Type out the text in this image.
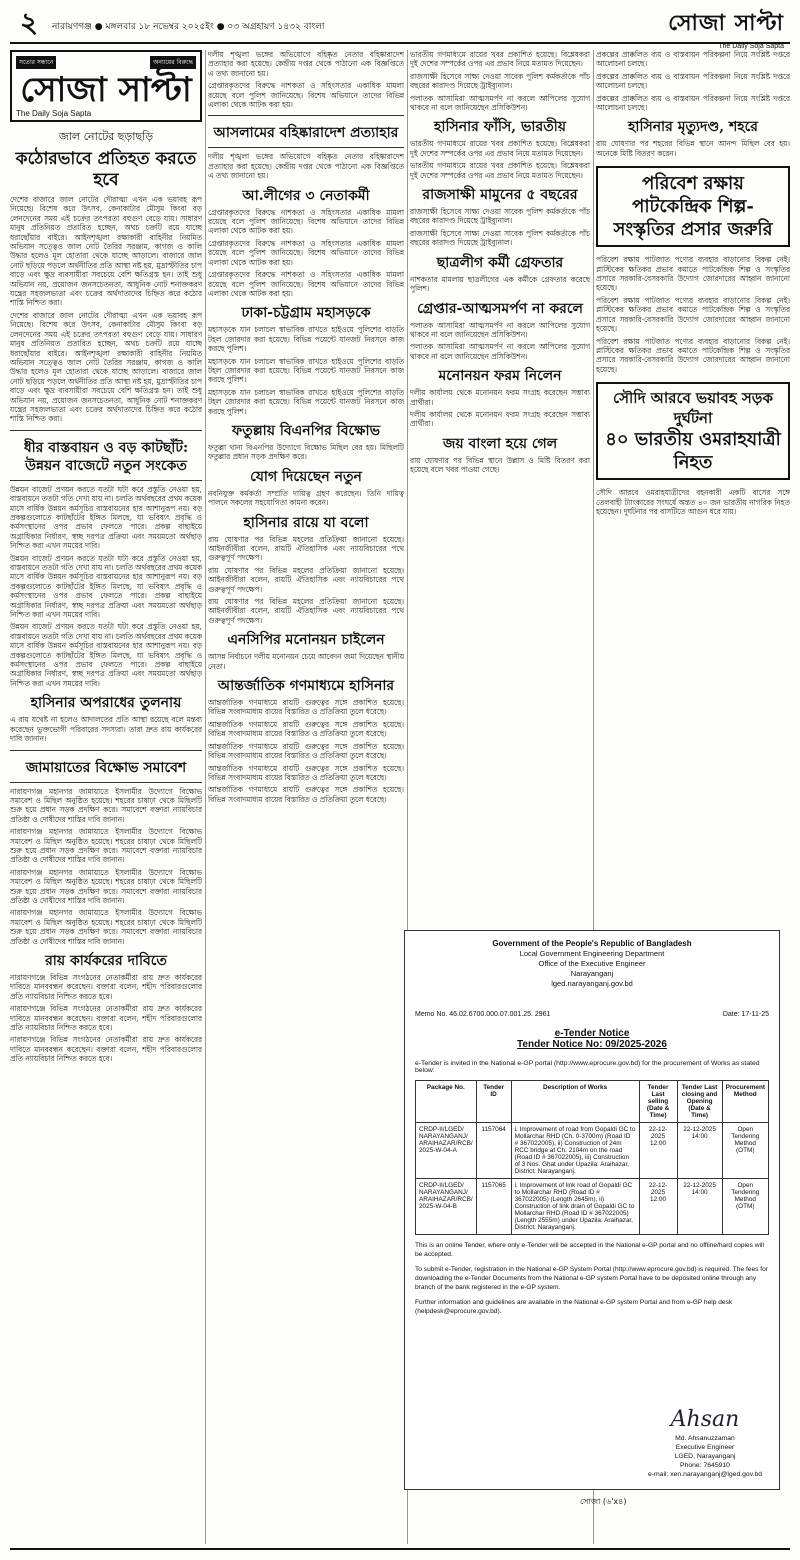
২	নারায়ণগঞ্জ ● মঙ্গলবার ১৮ নভেম্বর ২০২৫ইং ● ০৩ অগ্রহায়ণ ১৪৩২ বাংলা	সোজা সাপ্টা
The Daily Soja Sapta
সত্যের সন্ধানে	অন্যায়ের বিরুদ্ধে
সোজা সাপ্টা
The Daily Soja Sapta
জাল নোটের ছড়াছড়ি
কঠোরভাবে প্রতিহত করতে হবে

দেশের বাজারে জাল নোটের দৌরাত্ম্য এখন এক ভয়াবহ রূপ নিয়েছে। বিশেষ করে উৎসব, কেনাকাটার মৌসুম কিংবা বড় লেনদেনের সময় এই চক্রের তৎপরতা বহুগুণ বেড়ে যায়। সাধারণ মানুষ প্রতিনিয়ত প্রতারিত হচ্ছেন, অথচ চক্রটি রয়ে যাচ্ছে ধরাছোঁয়ার বাইরে। আইনশৃঙ্খলা রক্ষাকারী বাহিনীর নিয়মিত অভিযান সত্ত্বেও জাল নোট তৈরির সরঞ্জাম, কাগজ ও কালি উদ্ধার হলেও মূল হোতারা থেকে যাচ্ছে আড়ালে। বাজারে জাল নোট ছড়িয়ে পড়লে অর্থনীতির প্রতি আস্থা নষ্ট হয়, মুদ্রাস্ফীতির চাপ বাড়ে এবং ক্ষুদ্র ব্যবসায়ীরা সবচেয়ে বেশি ক্ষতিগ্রস্ত হন। তাই শুধু অভিযান নয়, প্রয়োজন জনসচেতনতা, আধুনিক নোট শনাক্তকরণ যন্ত্রের সহজলভ্যতা এবং চক্রের অর্থদাতাদের চিহ্নিত করে কঠোর শাস্তি নিশ্চিত করা।

দেশের বাজারে জাল নোটের দৌরাত্ম্য এখন এক ভয়াবহ রূপ নিয়েছে। বিশেষ করে উৎসব, কেনাকাটার মৌসুম কিংবা বড় লেনদেনের সময় এই চক্রের তৎপরতা বহুগুণ বেড়ে যায়। সাধারণ মানুষ প্রতিনিয়ত প্রতারিত হচ্ছেন, অথচ চক্রটি রয়ে যাচ্ছে ধরাছোঁয়ার বাইরে। আইনশৃঙ্খলা রক্ষাকারী বাহিনীর নিয়মিত অভিযান সত্ত্বেও জাল নোট তৈরির সরঞ্জাম, কাগজ ও কালি উদ্ধার হলেও মূল হোতারা থেকে যাচ্ছে আড়ালে। বাজারে জাল নোট ছড়িয়ে পড়লে অর্থনীতির প্রতি আস্থা নষ্ট হয়, মুদ্রাস্ফীতির চাপ বাড়ে এবং ক্ষুদ্র ব্যবসায়ীরা সবচেয়ে বেশি ক্ষতিগ্রস্ত হন। তাই শুধু অভিযান নয়, প্রয়োজন জনসচেতনতা, আধুনিক নোট শনাক্তকরণ যন্ত্রের সহজলভ্যতা এবং চক্রের অর্থদাতাদের চিহ্নিত করে কঠোর শাস্তি নিশ্চিত করা।

ধীর বাস্তবায়ন ও বড় কাটছাঁট: উন্নয়ন বাজেটে নতুন সংকেত

উন্নয়ন বাজেট প্রণয়ন করতে যতটা ঘটা করে প্রস্তুতি নেওয়া হয়, বাস্তবায়নে ততটা গতি দেখা যায় না। চলতি অর্থবছরের প্রথম কয়েক মাসে বার্ষিক উন্নয়ন কর্মসূচির বাস্তবায়নের হার আশানুরূপ নয়। বড় প্রকল্পগুলোতে কাটছাঁটের ইঙ্গিত মিলছে, যা ভবিষ্যৎ প্রবৃদ্ধি ও কর্মসংস্থানের ওপর প্রভাব ফেলতে পারে। প্রকল্প বাছাইয়ে অগ্রাধিকার নির্ধারণ, স্বচ্ছ দরপত্র প্রক্রিয়া এবং সময়মতো অর্থছাড় নিশ্চিত করা এখন সময়ের দাবি।

উন্নয়ন বাজেট প্রণয়ন করতে যতটা ঘটা করে প্রস্তুতি নেওয়া হয়, বাস্তবায়নে ততটা গতি দেখা যায় না। চলতি অর্থবছরের প্রথম কয়েক মাসে বার্ষিক উন্নয়ন কর্মসূচির বাস্তবায়নের হার আশানুরূপ নয়। বড় প্রকল্পগুলোতে কাটছাঁটের ইঙ্গিত মিলছে, যা ভবিষ্যৎ প্রবৃদ্ধি ও কর্মসংস্থানের ওপর প্রভাব ফেলতে পারে। প্রকল্প বাছাইয়ে অগ্রাধিকার নির্ধারণ, স্বচ্ছ দরপত্র প্রক্রিয়া এবং সময়মতো অর্থছাড় নিশ্চিত করা এখন সময়ের দাবি।

উন্নয়ন বাজেট প্রণয়ন করতে যতটা ঘটা করে প্রস্তুতি নেওয়া হয়, বাস্তবায়নে ততটা গতি দেখা যায় না। চলতি অর্থবছরের প্রথম কয়েক মাসে বার্ষিক উন্নয়ন কর্মসূচির বাস্তবায়নের হার আশানুরূপ নয়। বড় প্রকল্পগুলোতে কাটছাঁটের ইঙ্গিত মিলছে, যা ভবিষ্যৎ প্রবৃদ্ধি ও কর্মসংস্থানের ওপর প্রভাব ফেলতে পারে। প্রকল্প বাছাইয়ে অগ্রাধিকার নির্ধারণ, স্বচ্ছ দরপত্র প্রক্রিয়া এবং সময়মতো অর্থছাড় নিশ্চিত করা এখন সময়ের দাবি।

হাসিনার অপরাধের তুলনায়

এ রায় যথেষ্ট না হলেও আদালতের প্রতি আস্থা রয়েছে বলে মন্তব্য করেছেন ভুক্তভোগী পরিবারের সদস্যরা। তারা দ্রুত রায় কার্যকরের দাবি জানান।

জামায়াতের বিক্ষোভ সমাবেশ

নারায়ণগঞ্জ মহানগর জামায়াতে ইসলামীর উদ্যোগে বিক্ষোভ সমাবেশ ও মিছিল অনুষ্ঠিত হয়েছে। শহরের চাষাঢ়া থেকে মিছিলটি শুরু হয়ে প্রধান সড়ক প্রদক্ষিণ করে। সমাবেশে বক্তারা ন্যায়বিচার প্রতিষ্ঠা ও দোষীদের শাস্তির দাবি জানান।

নারায়ণগঞ্জ মহানগর জামায়াতে ইসলামীর উদ্যোগে বিক্ষোভ সমাবেশ ও মিছিল অনুষ্ঠিত হয়েছে। শহরের চাষাঢ়া থেকে মিছিলটি শুরু হয়ে প্রধান সড়ক প্রদক্ষিণ করে। সমাবেশে বক্তারা ন্যায়বিচার প্রতিষ্ঠা ও দোষীদের শাস্তির দাবি জানান।

নারায়ণগঞ্জ মহানগর জামায়াতে ইসলামীর উদ্যোগে বিক্ষোভ সমাবেশ ও মিছিল অনুষ্ঠিত হয়েছে। শহরের চাষাঢ়া থেকে মিছিলটি শুরু হয়ে প্রধান সড়ক প্রদক্ষিণ করে। সমাবেশে বক্তারা ন্যায়বিচার প্রতিষ্ঠা ও দোষীদের শাস্তির দাবি জানান।

নারায়ণগঞ্জ মহানগর জামায়াতে ইসলামীর উদ্যোগে বিক্ষোভ সমাবেশ ও মিছিল অনুষ্ঠিত হয়েছে। শহরের চাষাঢ়া থেকে মিছিলটি শুরু হয়ে প্রধান সড়ক প্রদক্ষিণ করে। সমাবেশে বক্তারা ন্যায়বিচার প্রতিষ্ঠা ও দোষীদের শাস্তির দাবি জানান।

রায় কার্যকরের দাবিতে

নারায়ণগঞ্জে বিভিন্ন সংগঠনের নেতাকর্মীরা রায় দ্রুত কার্যকরের দাবিতে মানববন্ধন করেছেন। বক্তারা বলেন, শহীদ পরিবারগুলোর প্রতি ন্যায়বিচার নিশ্চিত করতে হবে।

নারায়ণগঞ্জে বিভিন্ন সংগঠনের নেতাকর্মীরা রায় দ্রুত কার্যকরের দাবিতে মানববন্ধন করেছেন। বক্তারা বলেন, শহীদ পরিবারগুলোর প্রতি ন্যায়বিচার নিশ্চিত করতে হবে।

নারায়ণগঞ্জে বিভিন্ন সংগঠনের নেতাকর্মীরা রায় দ্রুত কার্যকরের দাবিতে মানববন্ধন করেছেন। বক্তারা বলেন, শহীদ পরিবারগুলোর প্রতি ন্যায়বিচার নিশ্চিত করতে হবে।

দলীয় শৃঙ্খলা ভঙ্গের অভিযোগে বহিষ্কৃত নেতার বহিষ্কারাদেশ প্রত্যাহার করা হয়েছে। কেন্দ্রীয় দপ্তর থেকে পাঠানো এক বিজ্ঞপ্তিতে এ তথ্য জানানো হয়।

গ্রেপ্তারকৃতদের বিরুদ্ধে নাশকতা ও সহিংসতার একাধিক মামলা রয়েছে বলে পুলিশ জানিয়েছে। বিশেষ অভিযানে তাদের বিভিন্ন এলাকা থেকে আটক করা হয়।

আসলামের বহিষ্কারাদেশ প্রত্যাহার

দলীয় শৃঙ্খলা ভঙ্গের অভিযোগে বহিষ্কৃত নেতার বহিষ্কারাদেশ প্রত্যাহার করা হয়েছে। কেন্দ্রীয় দপ্তর থেকে পাঠানো এক বিজ্ঞপ্তিতে এ তথ্য জানানো হয়।

আ.লীগের ৩ নেতাকর্মী

গ্রেপ্তারকৃতদের বিরুদ্ধে নাশকতা ও সহিংসতার একাধিক মামলা রয়েছে বলে পুলিশ জানিয়েছে। বিশেষ অভিযানে তাদের বিভিন্ন এলাকা থেকে আটক করা হয়।

গ্রেপ্তারকৃতদের বিরুদ্ধে নাশকতা ও সহিংসতার একাধিক মামলা রয়েছে বলে পুলিশ জানিয়েছে। বিশেষ অভিযানে তাদের বিভিন্ন এলাকা থেকে আটক করা হয়।

গ্রেপ্তারকৃতদের বিরুদ্ধে নাশকতা ও সহিংসতার একাধিক মামলা রয়েছে বলে পুলিশ জানিয়েছে। বিশেষ অভিযানে তাদের বিভিন্ন এলাকা থেকে আটক করা হয়।

ঢাকা-চট্টগ্রাম মহাসড়কে

মহাসড়কে যান চলাচল স্বাভাবিক রাখতে হাইওয়ে পুলিশের বাড়তি টহল জোরদার করা হয়েছে। বিভিন্ন পয়েন্টে যানজট নিরসনে কাজ করছে পুলিশ।

মহাসড়কে যান চলাচল স্বাভাবিক রাখতে হাইওয়ে পুলিশের বাড়তি টহল জোরদার করা হয়েছে। বিভিন্ন পয়েন্টে যানজট নিরসনে কাজ করছে পুলিশ।

মহাসড়কে যান চলাচল স্বাভাবিক রাখতে হাইওয়ে পুলিশের বাড়তি টহল জোরদার করা হয়েছে। বিভিন্ন পয়েন্টে যানজট নিরসনে কাজ করছে পুলিশ।

ফতুল্লায় বিএনপির বিক্ষোভ

ফতুল্লা থানা বিএনপির উদ্যোগে বিক্ষোভ মিছিল বের হয়। মিছিলটি ফতুল্লার প্রধান সড়ক প্রদক্ষিণ করে।

যোগ দিয়েছেন নতুন

নবনিযুক্ত কর্মকর্তা সম্প্রতি দায়িত্ব গ্রহণ করেছেন। তিনি দায়িত্ব পালনে সকলের সহযোগিতা কামনা করেন।

হাসিনার রায়ে যা বলো

রায় ঘোষণার পর বিভিন্ন মহলের প্রতিক্রিয়া জানানো হয়েছে। আইনজীবীরা বলেন, রায়টি ঐতিহাসিক এবং ন্যায়বিচারের পথে গুরুত্বপূর্ণ পদক্ষেপ।

রায় ঘোষণার পর বিভিন্ন মহলের প্রতিক্রিয়া জানানো হয়েছে। আইনজীবীরা বলেন, রায়টি ঐতিহাসিক এবং ন্যায়বিচারের পথে গুরুত্বপূর্ণ পদক্ষেপ।

রায় ঘোষণার পর বিভিন্ন মহলের প্রতিক্রিয়া জানানো হয়েছে। আইনজীবীরা বলেন, রায়টি ঐতিহাসিক এবং ন্যায়বিচারের পথে গুরুত্বপূর্ণ পদক্ষেপ।

এনসিপির মনোনয়ন চাইলেন

আসন্ন নির্বাচনে দলীয় মনোনয়ন চেয়ে আবেদন জমা দিয়েছেন স্থানীয় নেতা।

আন্তর্জাতিক গণমাধ্যমে হাসিনার

আন্তর্জাতিক গণমাধ্যমে রায়টি গুরুত্বের সঙ্গে প্রকাশিত হয়েছে। বিভিন্ন সংবাদমাধ্যম রায়ের বিস্তারিত ও প্রতিক্রিয়া তুলে ধরেছে।

আন্তর্জাতিক গণমাধ্যমে রায়টি গুরুত্বের সঙ্গে প্রকাশিত হয়েছে। বিভিন্ন সংবাদমাধ্যম রায়ের বিস্তারিত ও প্রতিক্রিয়া তুলে ধরেছে।

আন্তর্জাতিক গণমাধ্যমে রায়টি গুরুত্বের সঙ্গে প্রকাশিত হয়েছে। বিভিন্ন সংবাদমাধ্যম রায়ের বিস্তারিত ও প্রতিক্রিয়া তুলে ধরেছে।

আন্তর্জাতিক গণমাধ্যমে রায়টি গুরুত্বের সঙ্গে প্রকাশিত হয়েছে। বিভিন্ন সংবাদমাধ্যম রায়ের বিস্তারিত ও প্রতিক্রিয়া তুলে ধরেছে।

আন্তর্জাতিক গণমাধ্যমে রায়টি গুরুত্বের সঙ্গে প্রকাশিত হয়েছে। বিভিন্ন সংবাদমাধ্যম রায়ের বিস্তারিত ও প্রতিক্রিয়া তুলে ধরেছে।

ভারতীয় গণমাধ্যমে রায়ের খবর প্রকাশিত হয়েছে। বিশ্লেষকরা দুই দেশের সম্পর্কের ওপর এর প্রভাব নিয়ে মতামত দিয়েছেন।

রাজসাক্ষী হিসেবে সাক্ষ্য দেওয়া সাবেক পুলিশ কর্মকর্তাকে পাঁচ বছরের কারাদণ্ড দিয়েছে ট্রাইব্যুনাল।

পলাতক আসামিরা আত্মসমর্পণ না করলে আপিলের সুযোগ থাকবে না বলে জানিয়েছেন প্রসিকিউশন।

হাসিনার ফাঁসি, ভারতীয়

ভারতীয় গণমাধ্যমে রায়ের খবর প্রকাশিত হয়েছে। বিশ্লেষকরা দুই দেশের সম্পর্কের ওপর এর প্রভাব নিয়ে মতামত দিয়েছেন।

ভারতীয় গণমাধ্যমে রায়ের খবর প্রকাশিত হয়েছে। বিশ্লেষকরা দুই দেশের সম্পর্কের ওপর এর প্রভাব নিয়ে মতামত দিয়েছেন।

রাজসাক্ষী মামুনের ৫ বছরের

রাজসাক্ষী হিসেবে সাক্ষ্য দেওয়া সাবেক পুলিশ কর্মকর্তাকে পাঁচ বছরের কারাদণ্ড দিয়েছে ট্রাইব্যুনাল।

রাজসাক্ষী হিসেবে সাক্ষ্য দেওয়া সাবেক পুলিশ কর্মকর্তাকে পাঁচ বছরের কারাদণ্ড দিয়েছে ট্রাইব্যুনাল।

ছাত্রলীগ কর্মী গ্রেফতার

নাশকতার মামলায় ছাত্রলীগের এক কর্মীকে গ্রেফতার করেছে পুলিশ।

গ্রেপ্তার-আত্মসমর্পণ না করলে

পলাতক আসামিরা আত্মসমর্পণ না করলে আপিলের সুযোগ থাকবে না বলে জানিয়েছেন প্রসিকিউশন।

পলাতক আসামিরা আত্মসমর্পণ না করলে আপিলের সুযোগ থাকবে না বলে জানিয়েছেন প্রসিকিউশন।

মনোনয়ন ফরম নিলেন

দলীয় কার্যালয় থেকে মনোনয়ন ফরম সংগ্রহ করেছেন সম্ভাব্য প্রার্থীরা।

দলীয় কার্যালয় থেকে মনোনয়ন ফরম সংগ্রহ করেছেন সম্ভাব্য প্রার্থীরা।

জয় বাংলা হয়ে গেল

রায় ঘোষণার পর বিভিন্ন স্থানে উল্লাস ও মিষ্টি বিতরণ করা হয়েছে বলে খবর পাওয়া গেছে।

প্রকল্পের প্রাক্কলিত ব্যয় ও বাস্তবায়ন পরিকল্পনা নিয়ে সংশ্লিষ্ট দপ্তরে আলোচনা চলছে।

প্রকল্পের প্রাক্কলিত ব্যয় ও বাস্তবায়ন পরিকল্পনা নিয়ে সংশ্লিষ্ট দপ্তরে আলোচনা চলছে।

প্রকল্পের প্রাক্কলিত ব্যয় ও বাস্তবায়ন পরিকল্পনা নিয়ে সংশ্লিষ্ট দপ্তরে আলোচনা চলছে।

হাসিনার মৃত্যুদণ্ড, শহরে

রায় ঘোষণার পর শহরের বিভিন্ন স্থানে আনন্দ মিছিল বের হয়। অনেকে মিষ্টি বিতরণ করেন।

পরিবেশ রক্ষায় পাটকেন্দ্রিক শিল্প-সংস্কৃতির প্রসার জরুরি

পরিবেশ রক্ষায় পাটজাত পণ্যের ব্যবহার বাড়ানোর বিকল্প নেই। প্লাস্টিকের ক্ষতিকর প্রভাব কমাতে পাটকেন্দ্রিক শিল্প ও সংস্কৃতির প্রসারে সরকারি-বেসরকারি উদ্যোগ জোরদারের আহ্বান জানানো হয়েছে।

পরিবেশ রক্ষায় পাটজাত পণ্যের ব্যবহার বাড়ানোর বিকল্প নেই। প্লাস্টিকের ক্ষতিকর প্রভাব কমাতে পাটকেন্দ্রিক শিল্প ও সংস্কৃতির প্রসারে সরকারি-বেসরকারি উদ্যোগ জোরদারের আহ্বান জানানো হয়েছে।

পরিবেশ রক্ষায় পাটজাত পণ্যের ব্যবহার বাড়ানোর বিকল্প নেই। প্লাস্টিকের ক্ষতিকর প্রভাব কমাতে পাটকেন্দ্রিক শিল্প ও সংস্কৃতির প্রসারে সরকারি-বেসরকারি উদ্যোগ জোরদারের আহ্বান জানানো হয়েছে।

সৌদি আরবে ভয়াবহ সড়ক দুর্ঘটনা
৪০ ভারতীয় ওমরাহযাত্রী নিহত

সৌদি আরবে ওমরাহযাত্রীদের বহনকারী একটি বাসের সঙ্গে তেলবাহী ট্যাংকারের সংঘর্ষে অন্তত ৪০ জন ভারতীয় নাগরিক নিহত হয়েছেন। দুর্ঘটনার পর বাসটিতে আগুন ধরে যায়।

Government of the People's Republic of Bangladesh
Local Government Engineering Department
Office of the Executive Engineer
Narayanganj
lged.narayanganj.gov.bd
Memo No. 46.02.6700.000.07.001.25. 2961	Date: 17-11-25
e-Tender Notice
Tender Notice No: 09/2025-2026
e-Tender is invited in the National e-GP portal (http://www.eprocure.gov.bd) for the procurement of Works as stated below:
Package No.	Tender ID	Description of Works	Tender Last selling (Date & Time)	Tender Last closing and Opening (Date & Time)	Procurement Method
CRDP-II/LGED/ NARAYANGANJ/ ARAIHAZAR/RCB/ 2025-W-04-A	1157064	i. Improvement of road from Gopaldi GC to Mollarchar RHD (Ch. 0-3700m) (Road ID # 367022005), ii) Construction of 24m RCC bridge at Ch. 2104m on the road (Road ID # 367022005), iii) Construction of 3 Nos. Ghat under Upazila: Araihazar, District: Narayanganj.	22-12-2025 12:00	22-12-2025 14:00	Open Tendering Method (OTM)
CRDP-II/LGED/ NARAYANGANJ/ ARAIHAZAR/RCB/ 2025-W-04-B	1157065	i. Improvement of link road of Gopaldi GC to Mollarchar RHD (Road ID # 367022005) (Length 2645m), ii) Construction of link drain of Gopaldi GC to Mollarchar RHD (Road ID # 367022005) (Length 2555m) under Upazila: Araihazar, District: Narayanganj.	22-12-2025 12:00	22-12-2025 14:00	Open Tendering Method (OTM)
This is an online Tender, where only e-Tender will be accepted in the National e-GP portal and no offline/hard copies will be accepted.
To submit e-Tender, registration in the National e-GP System Portal (http://www.eprocure.gov.bd) is required. The fees for downloading the e-Tender Documents from the National e-GP system Portal have to be deposited online through any branch of the bank registered in the e-GP system.
Further information and guidelines are available in the National e-GP system Portal and from e-GP help desk (helpdesk@eprocure.gov.bd).
Ahsan
Md. Ahsanuzzaman
Executive Engineer
LGED, Narayanganj
Phone: 7645910
e-mail: xen.narayanganj@lged.gov.bd
সোজা (৬'x৪)
